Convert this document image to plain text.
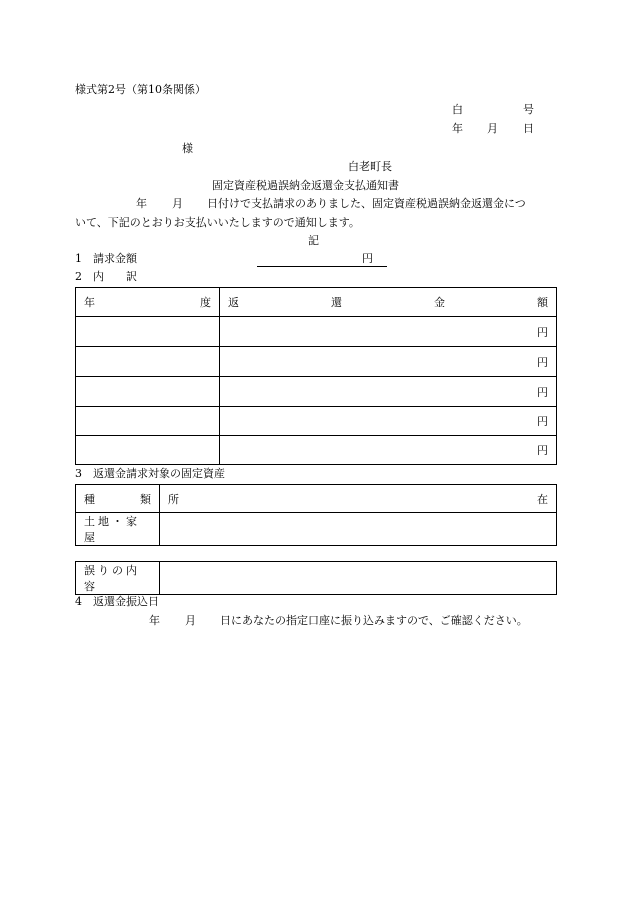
様式第2号（第10条関係）
白	号
年 月 日
様
白老町長
固定資産税過誤納金返還金支払通知書
年 月 日付けで支払請求のありました、固定資産税過誤納金返還金につ
いて、下記のとおりお支払いいたしますので通知します。
記
1　請求金額	円
2　内　　訳
年 度	返 還 金 額

	円
	円
	円
	円
	円
3　返還金請求対象の固定資産
種 類	所 在

土地・家屋	
誤りの内容	
4　返還金振込日
年 月 日にあなたの指定口座に振り込みますので、ご確認ください。
